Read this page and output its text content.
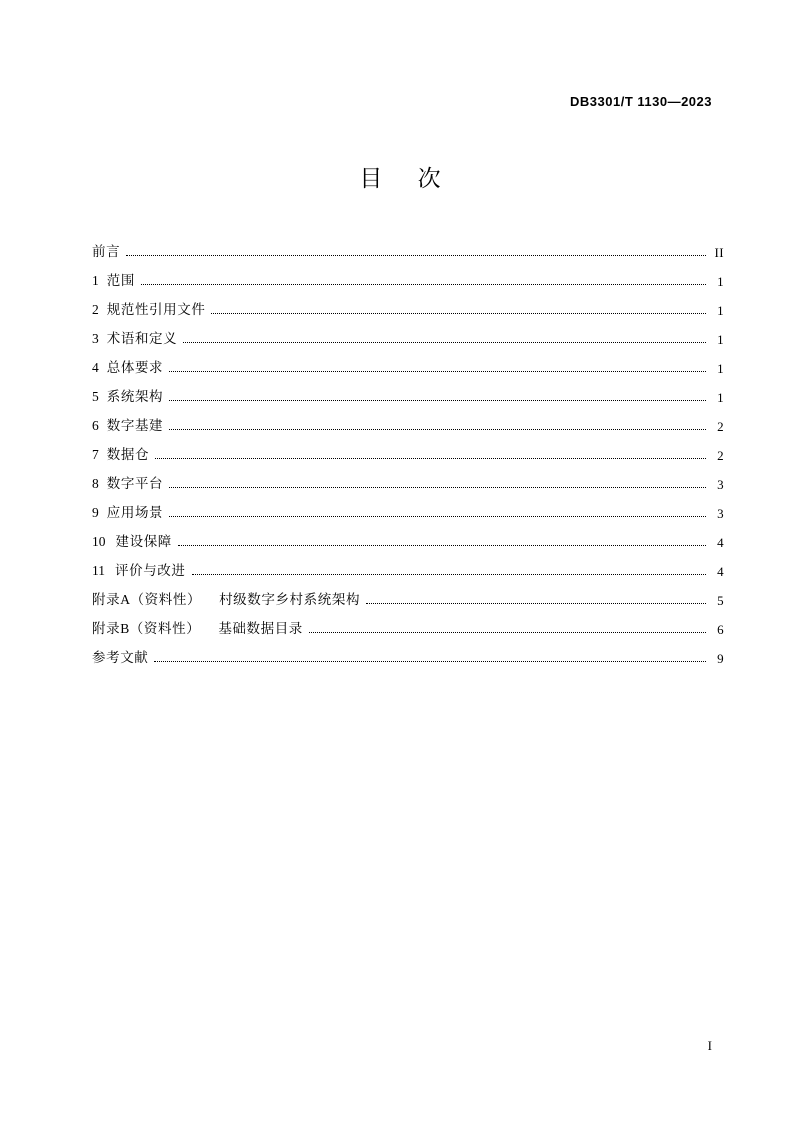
DB3301/T 1130—2023
目 次
前言	II
1 范围	1
2 规范性引用文件	1
3 术语和定义	1
4 总体要求	1
5 系统架构	1
6 数字基建	2
7 数据仓	2
8 数字平台	3
9 应用场景	3
10 建设保障	4
11 评价与改进	4
附录A（资料性） 村级数字乡村系统架构	5
附录B（资料性） 基础数据目录	6
参考文献	9
I
